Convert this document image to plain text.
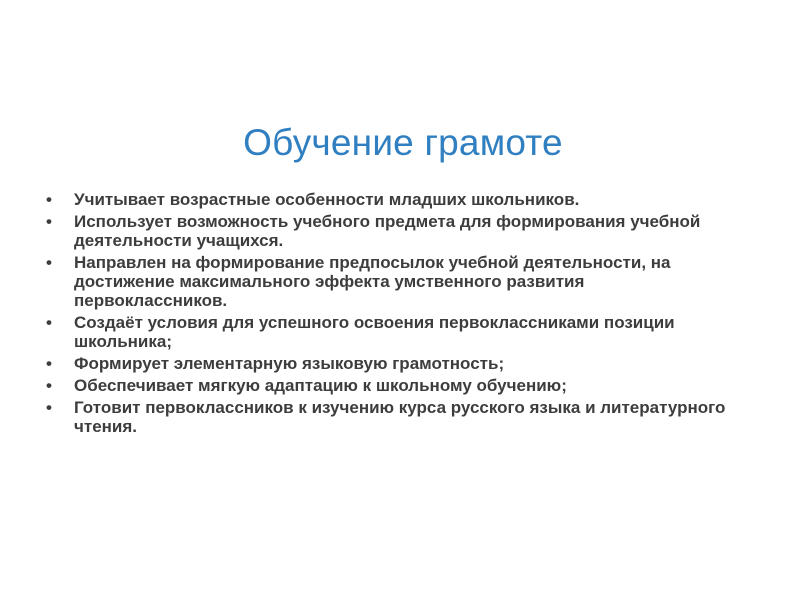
Обучение грамоте
• Учитывает возрастные особенности младших школьников.
• Использует возможность учебного предмета для формирования учебной деятельности учащихся.
• Направлен на формирование предпосылок учебной деятельности, на достижение максимального эффекта умственного развития первоклассников.
• Создаёт условия для успешного освоения первоклассниками позиции школьника;
• Формирует элементарную языковую грамотность;
• Обеспечивает мягкую адаптацию к школьному обучению;
• Готовит первоклассников к изучению курса русского языка и литературного чтения.
